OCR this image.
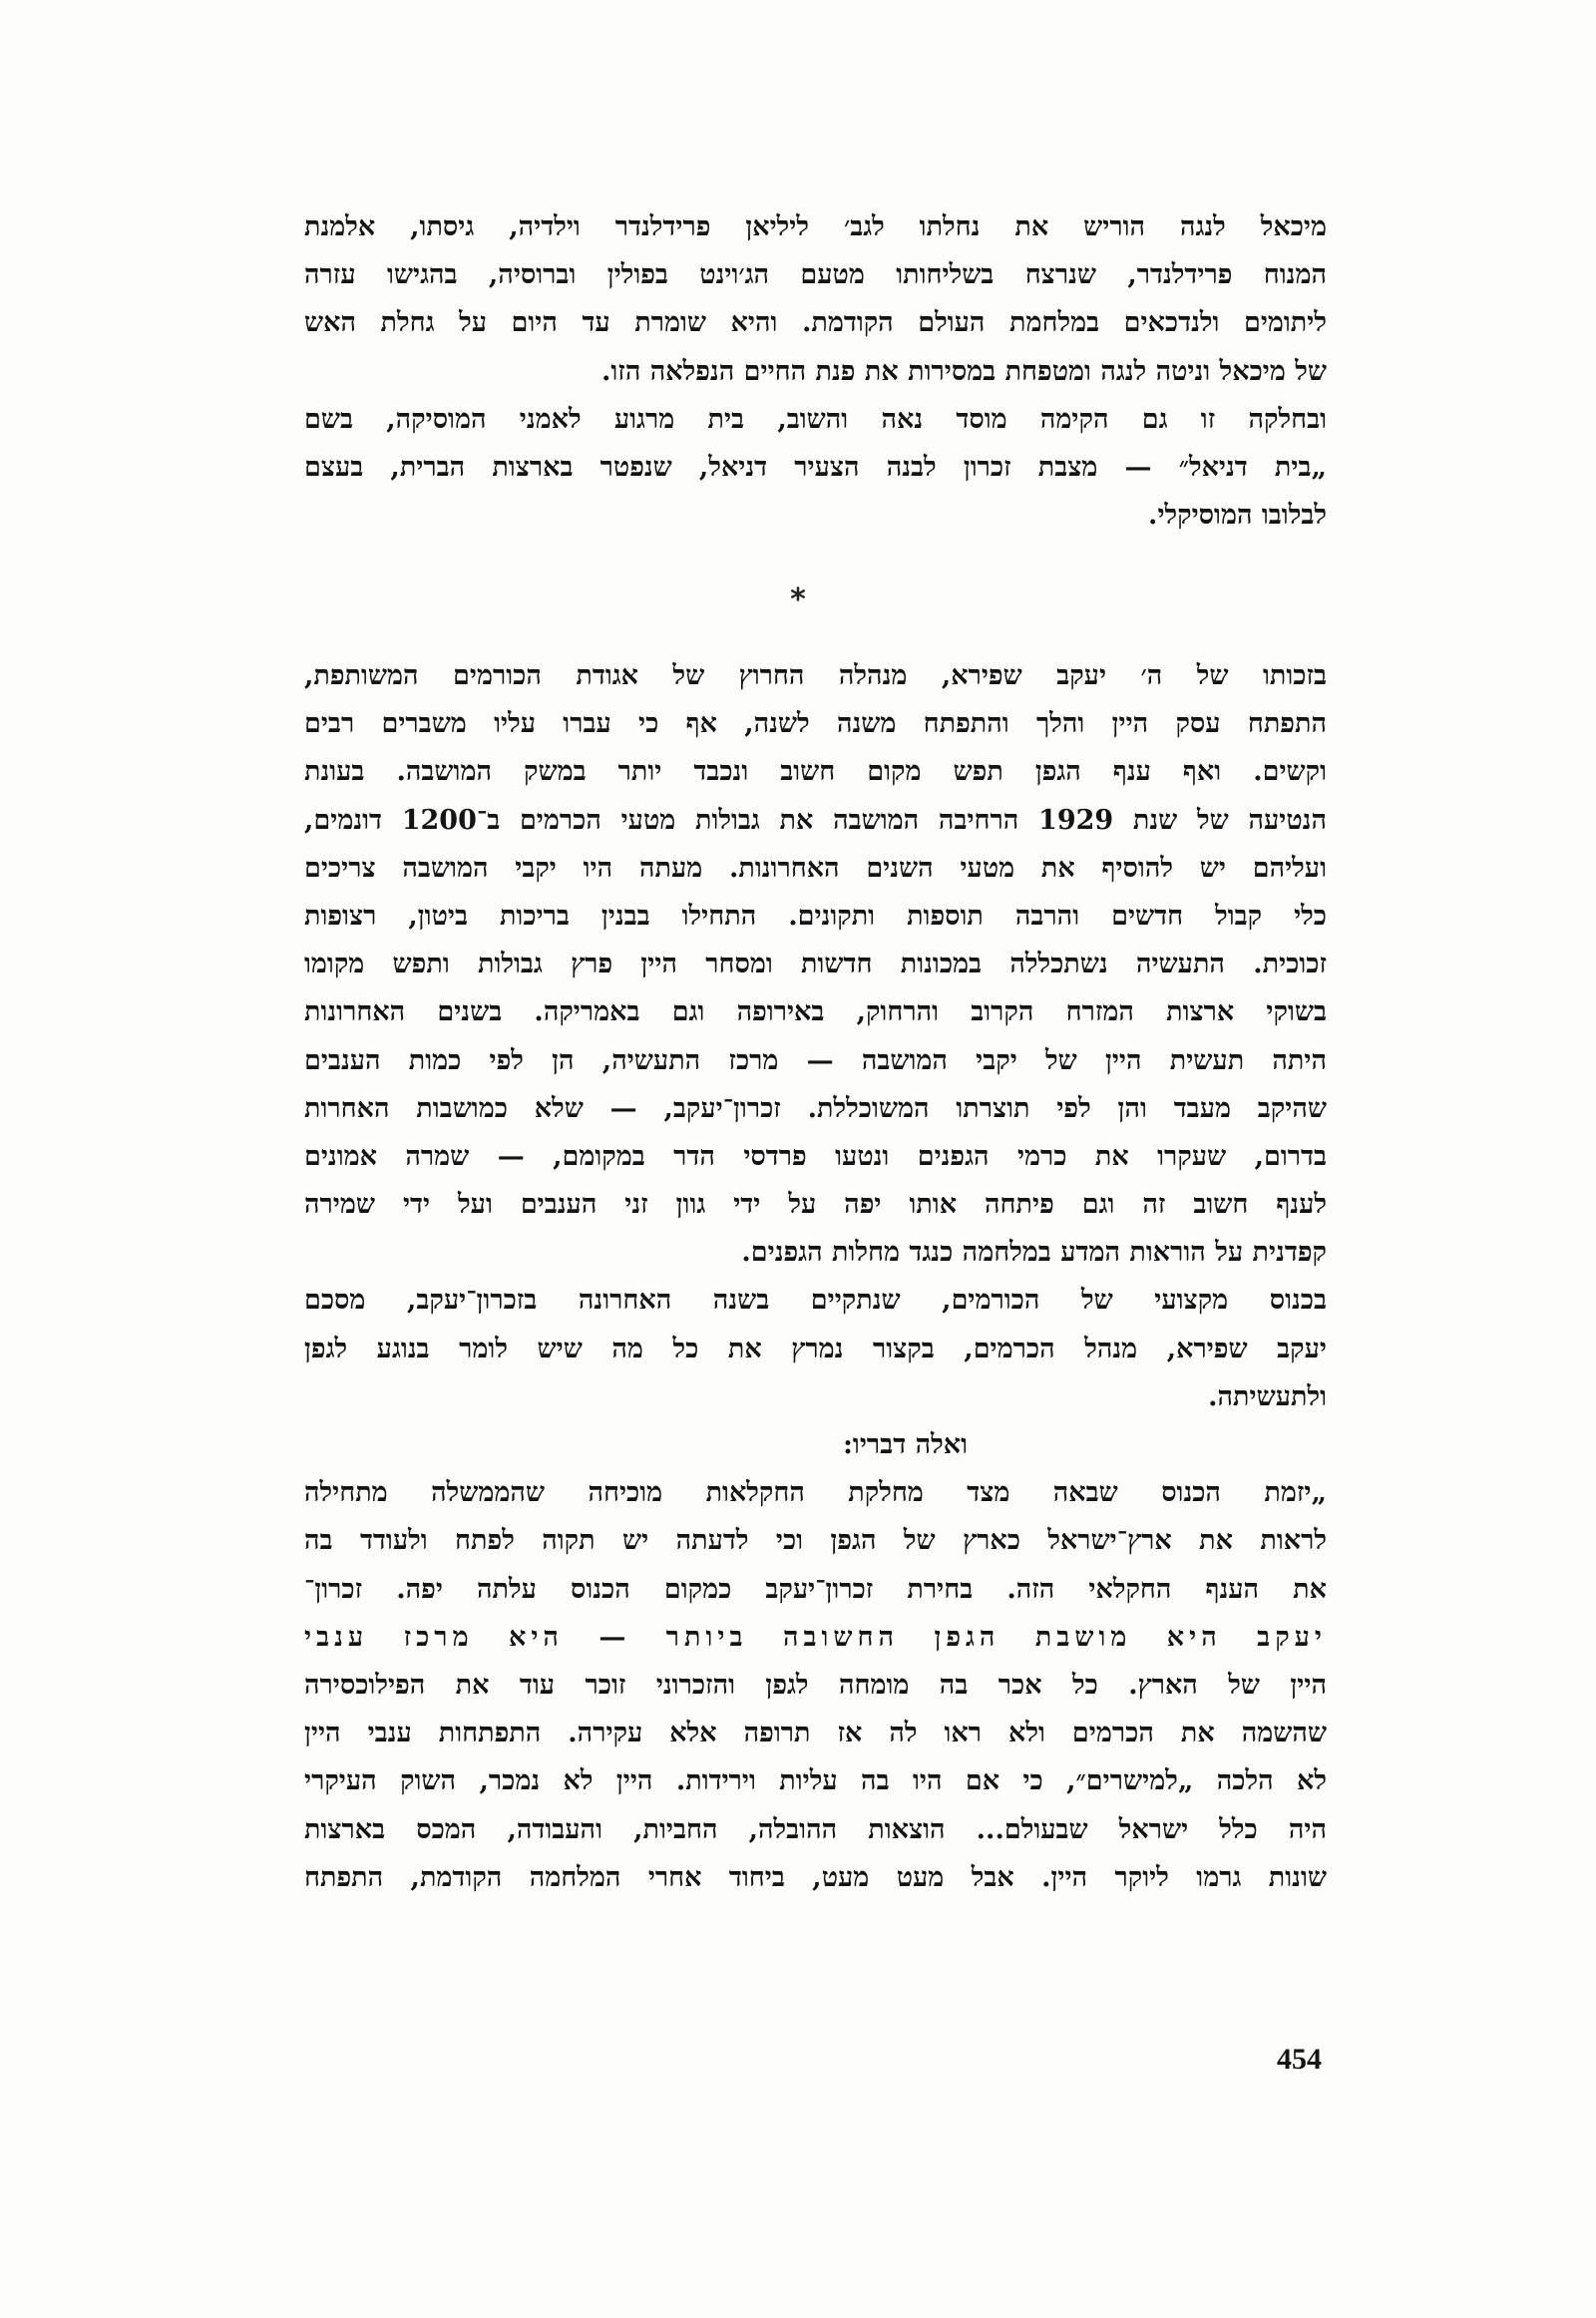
מיכאל לנגה הוריש את נחלתו לגב׳ ליליאן פרידלנדר וילדיה, גיסתו, אלמנת
המנוח פרידלנדר, שנרצח בשליחותו מטעם הג׳וינט בפולין וברוסיה, בהגישו עזרה
ליתומים ולנדכאים במלחמת העולם הקודמת. והיא שומרת עד היום על גחלת האש
של מיכאל וניטה לנגה ומטפחת במסירות את פנת החיים הנפלאה הזו.
ובחלקה זו גם הקימה מוסד נאה והשוב, בית מרגוע לאמני המוסיקה, בשם
„בית דניאל״ — מצבת זכרון לבנה הצעיר דניאל, שנפטר בארצות הברית, בעצם
לבלובו המוסיקלי.
*
בזכותו של ה׳ יעקב שפירא, מנהלה החרוץ של אגודת הכורמים המשותפת,
התפתח עסק היין והלך והתפתח משנה לשנה, אף כי עברו עליו משברים רבים
וקשים. ואף ענף הגפן תפש מקום חשוב ונכבד יותר במשק המושבה. בעונת
הנטיעה של שנת 1929 הרחיבה המושבה את גבולות מטעי הכרמים ב־1200 דונמים,
ועליהם יש להוסיף את מטעי השנים האחרונות. מעתה היו יקבי המושבה צריכים
כלי קבול חדשים והרבה תוספות ותקונים. התחילו בבנין בריכות ביטון, רצופות
זכוכית. התעשיה נשתכללה במכונות חדשות ומסחר היין פרץ גבולות ותפש מקומו
בשוקי ארצות המזרח הקרוב והרחוק, באירופה וגם באמריקה. בשנים האחרונות
היתה תעשית היין של יקבי המושבה — מרכז התעשיה, הן לפי כמות הענבים
שהיקב מעבד והן לפי תוצרתו המשוכללת. זכרון־יעקב, — שלא כמושבות האחרות
בדרום, שעקרו את כרמי הגפנים ונטעו פרדסי הדר במקומם, — שמרה אמונים
לענף חשוב זה וגם פיתחה אותו יפה על ידי גוון זני הענבים ועל ידי שמירה
קפדנית על הוראות המדע במלחמה כנגד מחלות הגפנים.
בכנוס מקצועי של הכורמים, שנתקיים בשנה האחרונה בזכרון־יעקב, מסכם
יעקב שפירא, מנהל הכרמים, בקצור נמרץ את כל מה שיש לומר בנוגע לגפן
ולתעשיתה.
ואלה דבריו:
„יזמת הכנוס שבאה מצד מחלקת החקלאות מוכיחה שהממשלה מתחילה
לראות את ארץ־ישראל כארץ של הגפן וכי לדעתה יש תקוה לפתח ולעודד בה
את הענף החקלאי הזה. בחירת זכרון־יעקב כמקום הכנוס עלתה יפה. זכרון־
יעקב היא מושבת הגפן החשובה ביותר — היא מרכז ענבי
היין של הארץ. כל אכר בה מומחה לגפן והזכרוני זוכר עוד את הפילוכסירה
שהשמה את הכרמים ולא ראו לה אז תרופה אלא עקירה. התפתחות ענבי היין
לא הלכה „למישרים״, כי אם היו בה עליות וירידות. היין לא נמכר, השוק העיקרי
היה כלל ישראל שבעולם... הוצאות ההובלה, החביות, והעבודה, המכס בארצות
שונות גרמו ליוקר היין. אבל מעט מעט, ביחוד אחרי המלחמה הקודמת, התפתח
454
